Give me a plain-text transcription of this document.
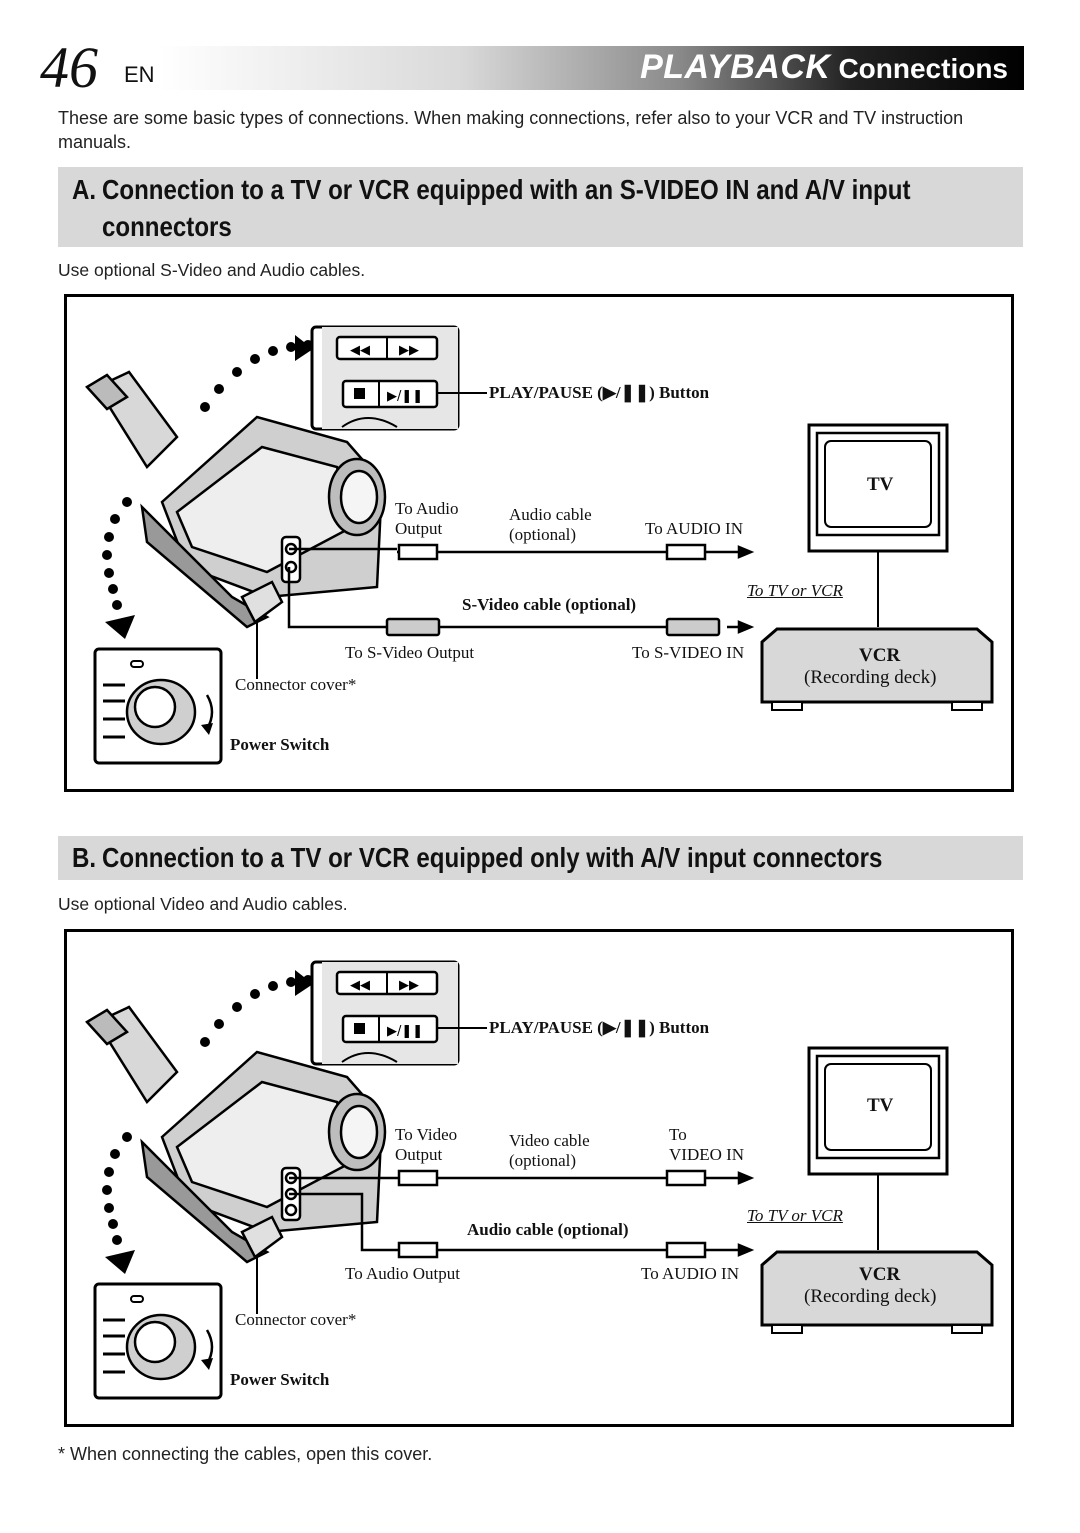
46 EN	PLAYBACK Connections
These are some basic types of connections. When making connections, refer also to your VCR and TV instruction manuals.
A. Connection to a TV or VCR equipped with an S-VIDEO IN and A/V input
connectors
Use optional S-Video and Audio cables.
◀◀ ▶▶
▶/❚❚	PLAY/PAUSE (▶/❚❚) Button
To Audio
Output
Audio cable
(optional)	To AUDIO IN
To TV or VCR
S-Video cable (optional)
To S-Video Output	To S-VIDEO IN
Connector cover*
Power Switch
TV
VCR
(Recording deck)
B. Connection to a TV or VCR equipped only with A/V input connectors
Use optional Video and Audio cables.
◀◀ ▶▶
▶/❚❚	PLAY/PAUSE (▶/❚❚) Button
To Video
Output
Video cable
(optional)
To
VIDEO IN
To TV or VCR
Audio cable (optional)
To Audio Output	To AUDIO IN
Connector cover*
Power Switch
TV
VCR
(Recording deck)
* When connecting the cables, open this cover.
